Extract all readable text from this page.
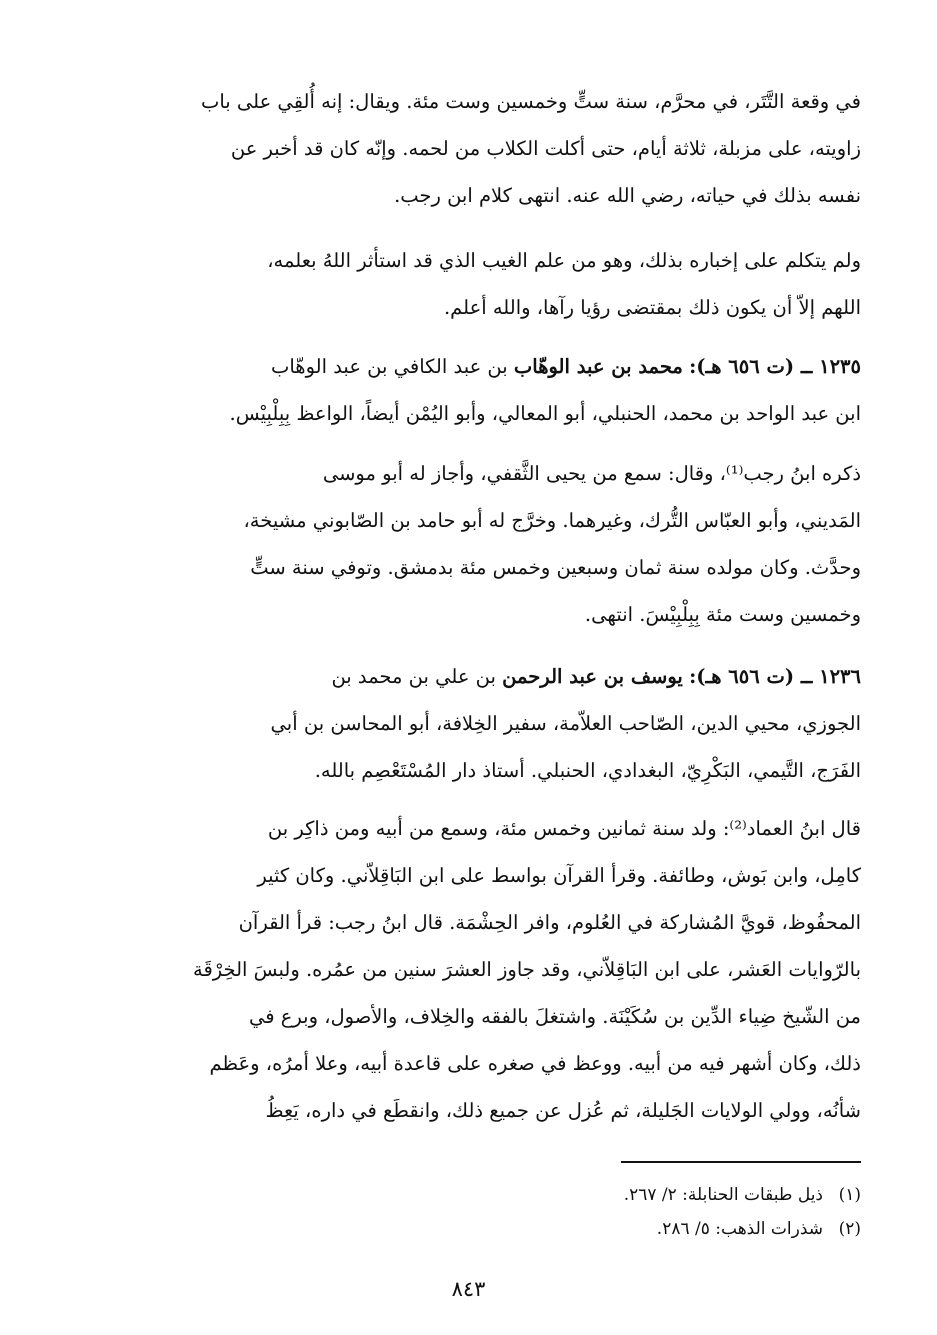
في وقعة التَّتَر، في محرَّم، سنة ستٍّ وخمسين وست مئة. ويقال: إنه أُلقِي على باب
زاويته، على مزبلة، ثلاثة أيام، حتى أكلت الكلاب من لحمه. وإنّه كان قد أخبر عن
نفسه بذلك في حياته، رضي الله عنه. انتهى كلام ابن رجب.
ولم يتكلم على إخباره بذلك، وهو من علم الغيب الذي قد استأثر اللهُ بعلمه،
اللهم إلاّ أن يكون ذلك بمقتضى رؤيا رآها، والله أعلم.
١٢٣٥ ــ (ت ٦٥٦ هـ): محمد بن عبد الوهّاب بن عبد الكافي بن عبد الوهّاب
ابن عبد الواحد بن محمد، الحنبلي، أبو المعالي، وأبو اليُمْن أيضاً، الواعظ بِبِلْبِيْس.
ذكره ابنُ رجب⁽¹⁾، وقال: سمع من يحيى الثَّقفي، وأجاز له أبو موسى
المَديني، وأبو العبّاس التُّرك، وغيرهما. وخرَّج له أبو حامد بن الصّابوني مشيخة،
وحدَّث. وكان مولده سنة ثمان وسبعين وخمس مئة بدمشق. وتوفي سنة ستٍّ
وخمسين وست مئة بِبِلْبِيْسَ. انتهى.
١٢٣٦ ــ (ت ٦٥٦ هـ): يوسف بن عبد الرحمن بن علي بن محمد بن
الجوزي، محيي الدين، الصّاحب العلاّمة، سفير الخِلافة، أبو المحاسن بن أبي
الفَرَج، التَّيمي، البَكْرِيّ، البغدادي، الحنبلي. أستاذ دار المُسْتَعْصِم بالله.
قال ابنُ العماد⁽²⁾: ولد سنة ثمانين وخمس مئة، وسمع من أبيه ومن ذاكِر بن
كامِل، وابن بَوش، وطائفة. وقرأ القرآن بواسط على ابن البَاقِلاّني. وكان كثير
المحفُوظ، قويَّ المُشاركة في العُلوم، وافر الحِشْمَة. قال ابنُ رجب: قرأ القرآن
بالرّوايات العَشر، على ابن البَاقِلاّني، وقد جاوز العشرَ سنين من عمُره. ولبسَ الخِرْقَة
من الشّيخ ضِياء الدِّين بن سُكَيْنَة. واشتغلَ بالفقه والخِلاف، والأصول، وبرع في
ذلك، وكان أشهر فيه من أبيه. ووعظ في صغره على قاعدة أبيه، وعلا أمرُه، وعَظم
شأنُه، وولي الولايات الجَليلة، ثم عُزل عن جميع ذلك، وانقطَع في داره، يَعِظُ
(١)ذيل طبقات الحنابلة: ٢/ ٢٦٧.
(٢)شذرات الذهب: ٥/ ٢٨٦.
٨٤٣
